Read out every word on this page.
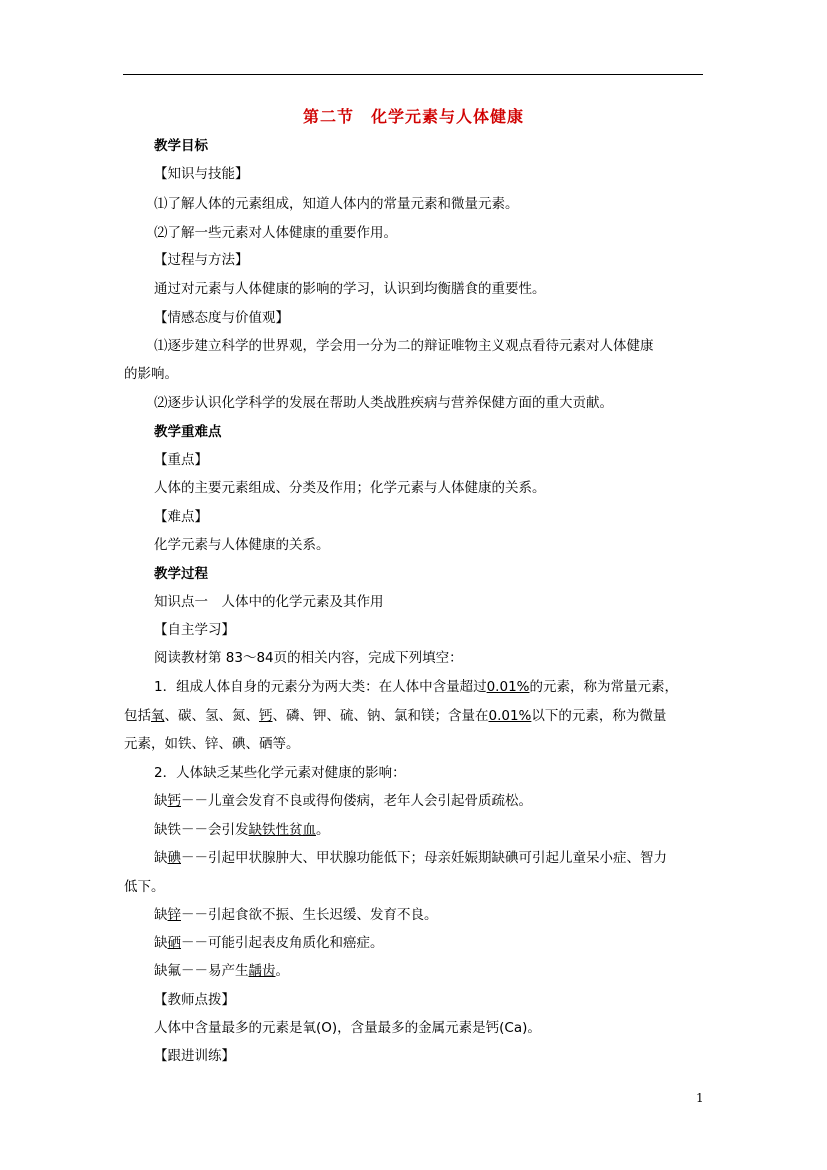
第二节　化学元素与人体健康
教学目标
【知识与技能】
⑴了解人体的元素组成，知道人体内的常量元素和微量元素。
⑵了解一些元素对人体健康的重要作用。
【过程与方法】
通过对元素与人体健康的影响的学习，认识到均衡膳食的重要性。
【情感态度与价值观】
⑴逐步建立科学的世界观，学会用一分为二的辩证唯物主义观点看待元素对人体健康
的影响。
⑵逐步认识化学科学的发展在帮助人类战胜疾病与营养保健方面的重大贡献。
教学重难点
【重点】
人体的主要元素组成、分类及作用；化学元素与人体健康的关系。
【难点】
化学元素与人体健康的关系。
教学过程
知识点一　人体中的化学元素及其作用
【自主学习】
阅读教材第 83～84页的相关内容，完成下列填空：
1．组成人体自身的元素分为两大类：在人体中含量超过0.01%的元素，称为常量元素，
包括氧、碳、氢、氮、钙、磷、钾、硫、钠、氯和镁；含量在0.01%以下的元素，称为微量
元素，如铁、锌、碘、硒等。
2．人体缺乏某些化学元素对健康的影响：
缺钙－－儿童会发育不良或得佝偻病，老年人会引起骨质疏松。
缺铁－－会引发缺铁性贫血。
缺碘－－引起甲状腺肿大、甲状腺功能低下；母亲妊娠期缺碘可引起儿童呆小症、智力
低下。
缺锌－－引起食欲不振、生长迟缓、发育不良。
缺硒－－可能引起表皮角质化和癌症。
缺氟－－易产生龋齿。
【教师点拨】
人体中含量最多的元素是氧(O)，含量最多的金属元素是钙(Ca)。
【跟进训练】
1
